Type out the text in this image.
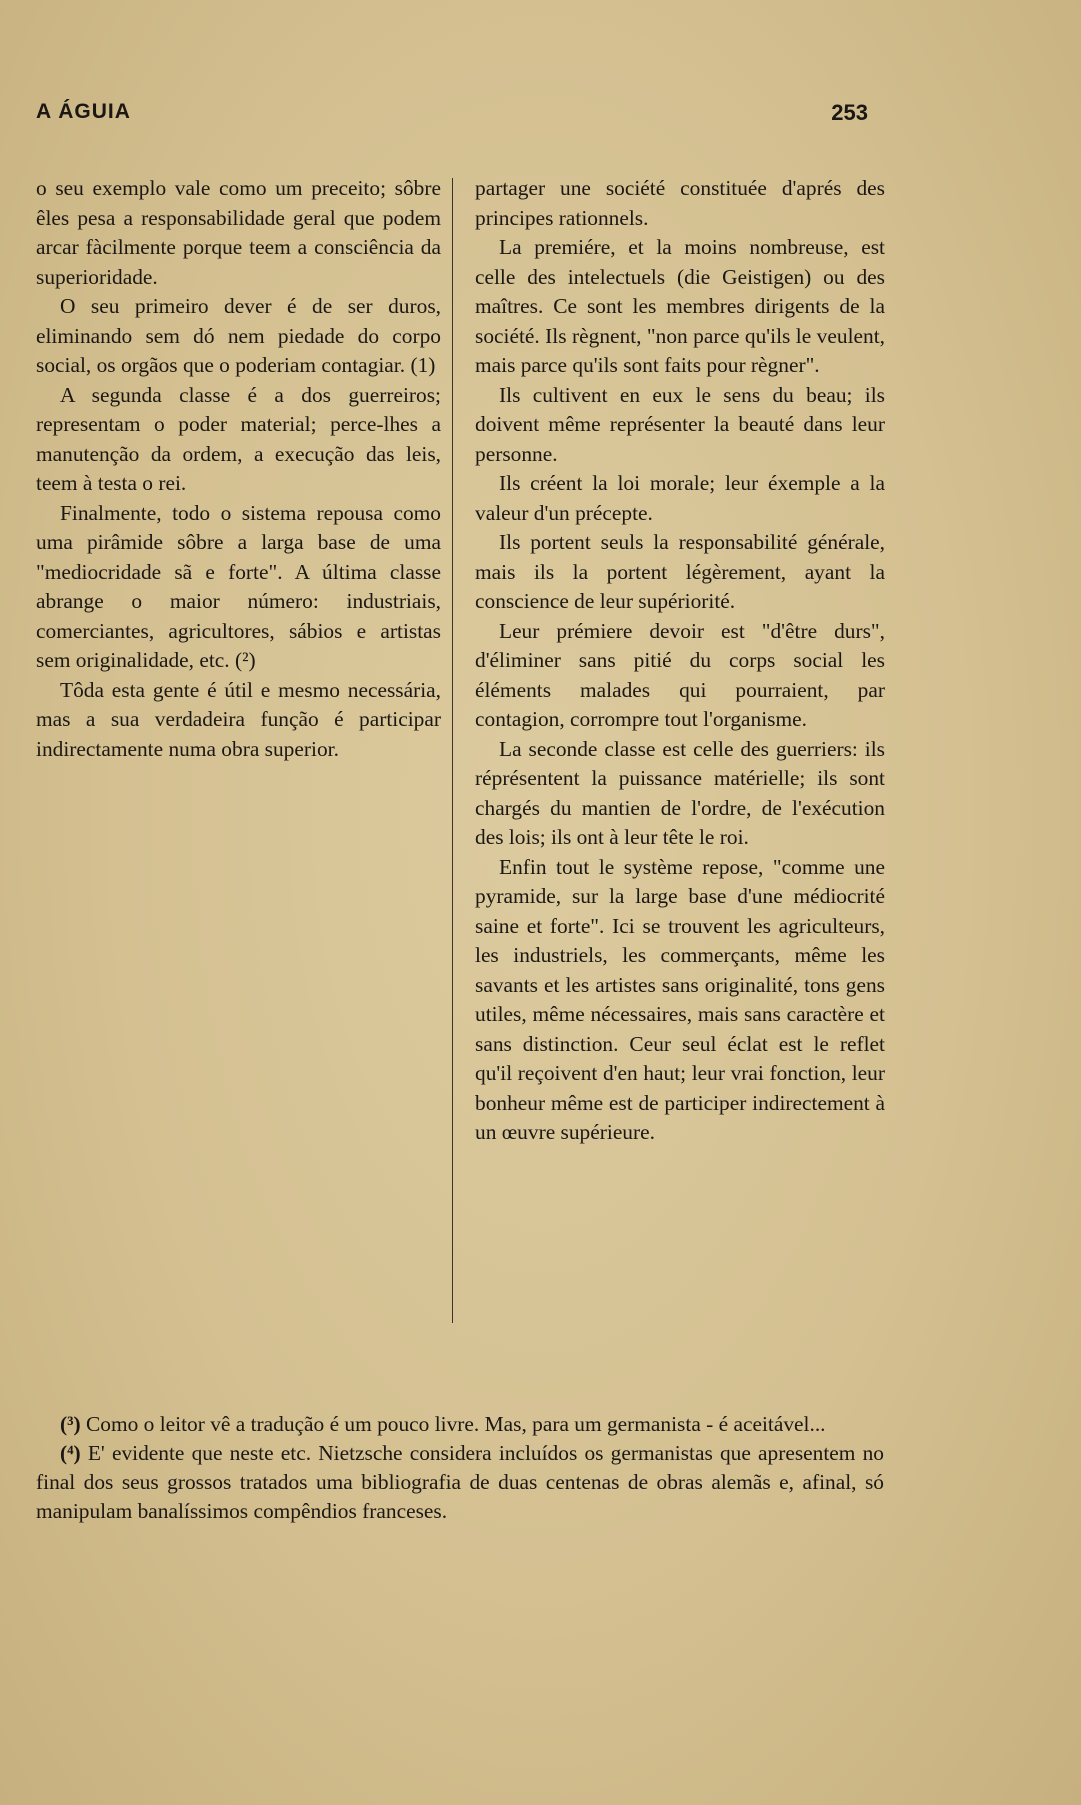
A ÁGUIA	253

o seu exemplo vale como um preceito; sôbre êles pesa a responsabilidade geral que podem arcar fàcilmente porque teem a consciência da superioridade.

O seu primeiro dever é de ser duros, eliminando sem dó nem piedade do corpo social, os orgãos que o poderiam contagiar. (1)

A segunda classe é a dos guerreiros; representam o poder material; perce-lhes a manutenção da ordem, a execução das leis, teem à testa o rei.

Finalmente, todo o sistema repousa como uma pirâmide sôbre a larga base de uma "mediocridade sã e forte". A última classe abrange o maior número: industriais, comerciantes, agricultores, sábios e artistas sem originalidade, etc. (²)

Tôda esta gente é útil e mesmo necessária, mas a sua verdadeira função é participar indirectamente numa obra superior.

partager une société constituée d'aprés des principes rationnels.

La premiére, et la moins nombreuse, est celle des intelectuels (die Geistigen) ou des maîtres. Ce sont les membres dirigents de la société. Ils règnent, "non parce qu'ils le veulent, mais parce qu'ils sont faits pour règner".

Ils cultivent en eux le sens du beau; ils doivent même représenter la beauté dans leur personne.

Ils créent la loi morale; leur éxemple a la valeur d'un précepte.

Ils portent seuls la responsabilité générale, mais ils la portent légèrement, ayant la conscience de leur supériorité.

Leur prémiere devoir est "d'être durs", d'éliminer sans pitié du corps social les éléments malades qui pourraient, par contagion, corrompre tout l'organisme.

La seconde classe est celle des guerriers: ils réprésentent la puissance matérielle; ils sont chargés du mantien de l'ordre, de l'exécution des lois; ils ont à leur tête le roi.

Enfin tout le système repose, "comme une pyramide, sur la large base d'une médiocrité saine et forte". Ici se trouvent les agriculteurs, les industriels, les commerçants, même les savants et les artistes sans originalité, tons gens utiles, même nécessaires, mais sans caractère et sans distinction. Ceur seul éclat est le reflet qu'il reçoivent d'en haut; leur vrai fonction, leur bonheur même est de participer indirectement à un œuvre supérieure.

(³) Como o leitor vê a tradução é um pouco livre. Mas, para um germanista - é aceitável...

(⁴) E' evidente que neste etc. Nietzsche considera incluídos os germanistas que apresentem no final dos seus grossos tratados uma bibliografia de duas centenas de obras alemãs e, afinal, só manipulam banalíssimos compêndios franceses.
